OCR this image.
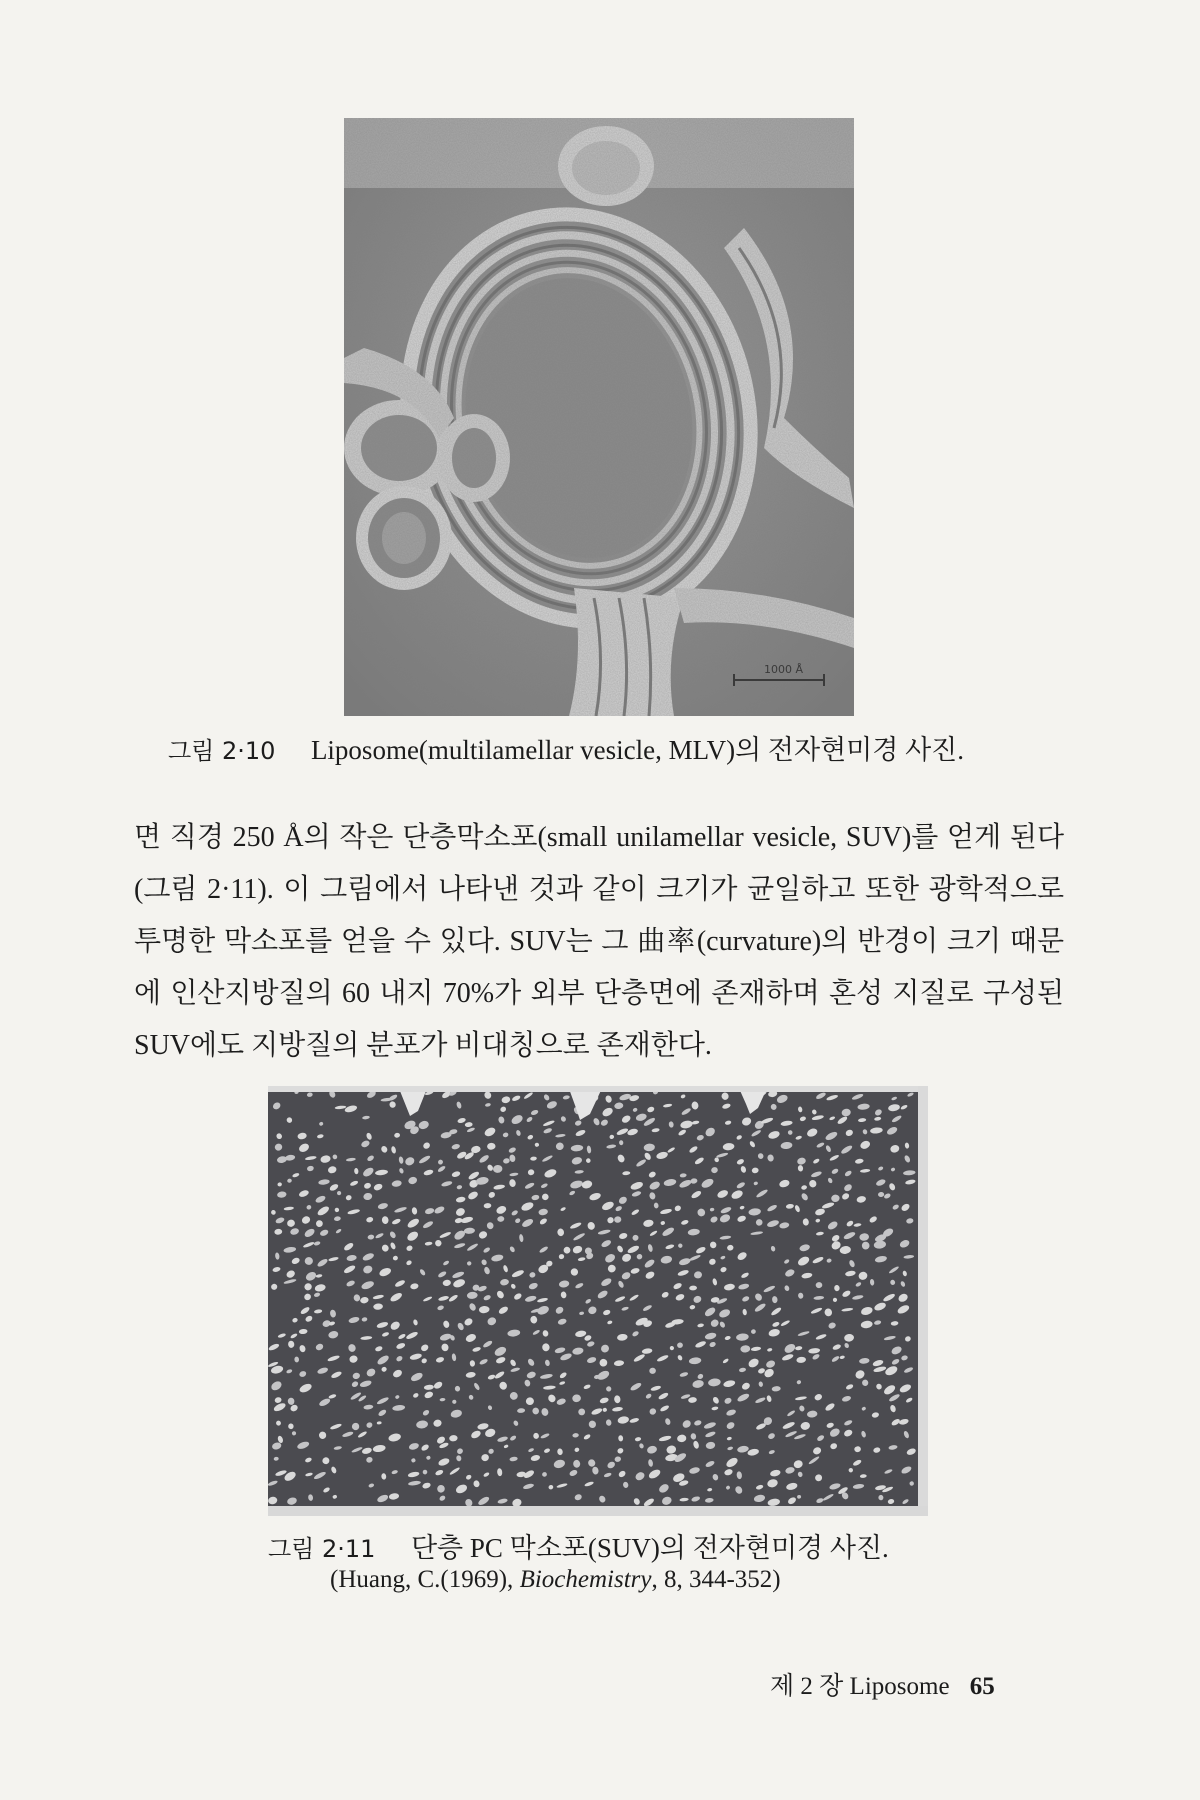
1000 Å
그림 2·10 Liposome(multilamellar vesicle, MLV)의 전자현미경 사진.

면 직경 250 Å의 작은 단층막소포(small unilamellar vesicle, SUV)를 얻게 된다(그림 2·11). 이 그림에서 나타낸 것과 같이 크기가 균일하고 또한 광학적으로 투명한 막소포를 얻을 수 있다. SUV는 그 曲率(curvature)의 반경이 크기 때문에 인산지방질의 60 내지 70%가 외부 단층면에 존재하며 혼성 지질로 구성된 SUV에도 지방질의 분포가 비대칭으로 존재한다.

그림 2·11 단층 PC 막소포(SUV)의 전자현미경 사진.
(Huang, C.(1969), Biochemistry, 8, 344-352)
제 2 장 Liposome 65
